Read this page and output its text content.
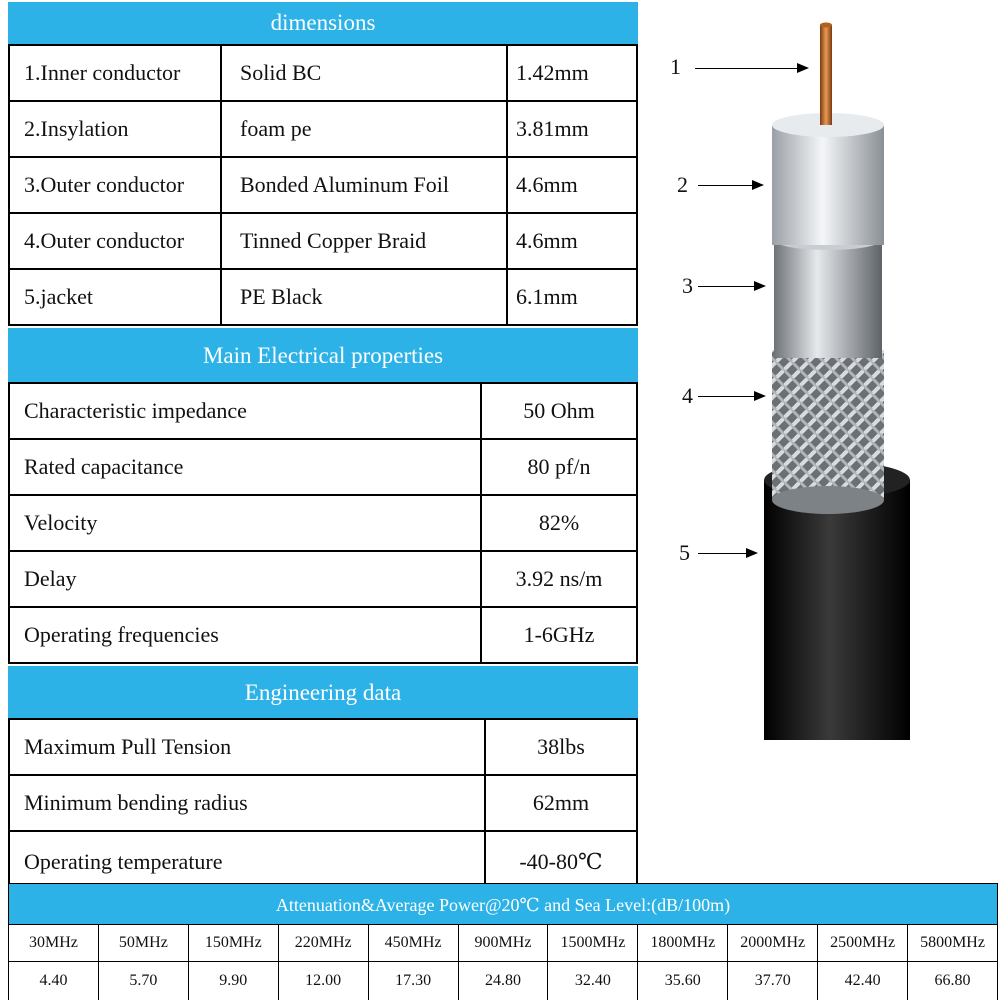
dimensions
1.Inner conductor	Solid BC	1.42mm
2.Insylation	foam pe	3.81mm
3.Outer conductor	Bonded Aluminum Foil	4.6mm
4.Outer conductor	Tinned Copper Braid	4.6mm
5.jacket	PE Black	6.1mm
Main Electrical properties
Characteristic impedance	50 Ohm
Rated capacitance	80 pf/n
Velocity	82%
Delay	3.92 ns/m
Operating frequencies	1-6GHz
Engineering data
Maximum Pull Tension	38lbs
Minimum bending radius	62mm
Operating temperature	-40-80℃
Attenuation&Average Power@20℃ and Sea Level:(dB/100m)
30MHz	50MHz	150MHz	220MHz	450MHz	900MHz	1500MHz	1800MHz	2000MHz	2500MHz	5800MHz
4.40	5.70	9.90	12.00	17.30	24.80	32.40	35.60	37.70	42.40	66.80
1
2
3
4
5
